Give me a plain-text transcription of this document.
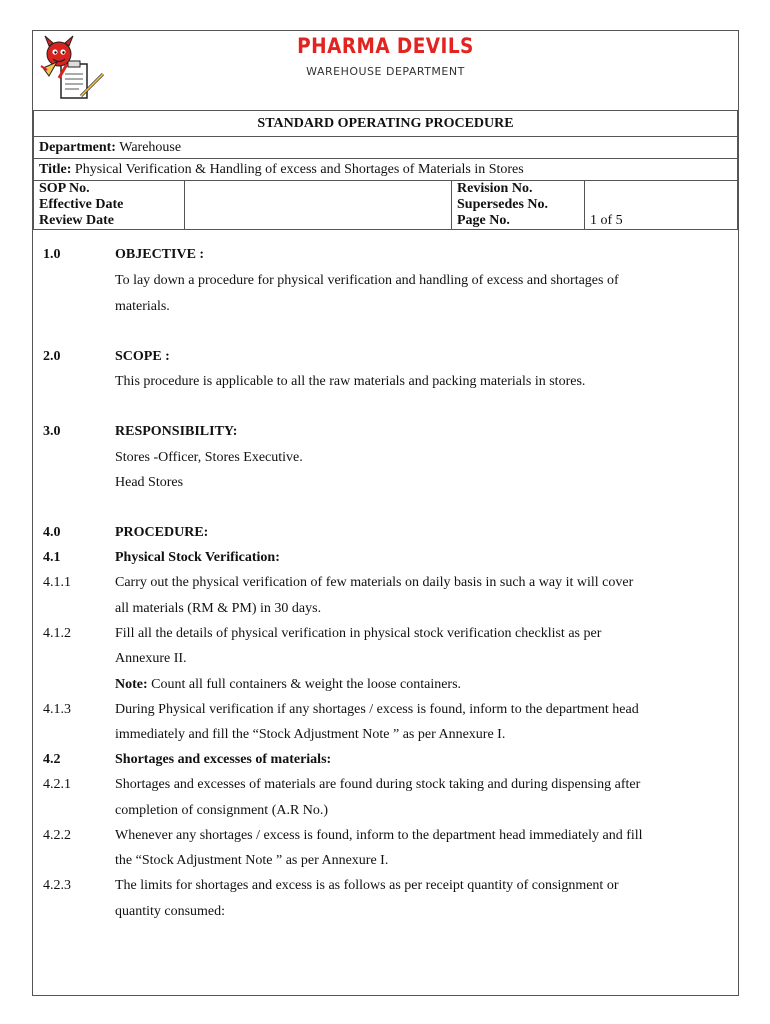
PHARMA DEVILS
WAREHOUSE DEPARTMENT
STANDARD OPERATING PROCEDURE
Department: Warehouse
Title: Physical Verification & Handling of excess and Shortages of Materials in Stores

SOP No.
Effective Date
Review Date

Revision No.
Supersedes No.
Page No.	1 of 5
1.0	OBJECTIVE :
To lay down a procedure for physical verification and handling of excess and shortages of
materials.
2.0	SCOPE :
This procedure is applicable to all the raw materials and packing materials in stores.
3.0	RESPONSIBILITY:
Stores -Officer, Stores Executive.
Head Stores
4.0	PROCEDURE:
4.1	Physical Stock Verification:
4.1.1	Carry out the physical verification of few materials on daily basis in such a way it will cover
all materials (RM & PM) in 30 days.
4.1.2	Fill all the details of physical verification in physical stock verification checklist as per
Annexure II.
Note: Count all full containers & weight the loose containers.
4.1.3	During Physical verification if any shortages / excess is found, inform to the department head
immediately and fill the “Stock Adjustment Note ” as per Annexure I.
4.2	Shortages and excesses of materials:
4.2.1	Shortages and excesses of materials are found during stock taking and during dispensing after
completion of consignment (A.R No.)
4.2.2	Whenever any shortages / excess is found, inform to the department head immediately and fill
the “Stock Adjustment Note ” as per Annexure I.
4.2.3	The limits for shortages and excess is as follows as per receipt quantity of consignment or
quantity consumed:
